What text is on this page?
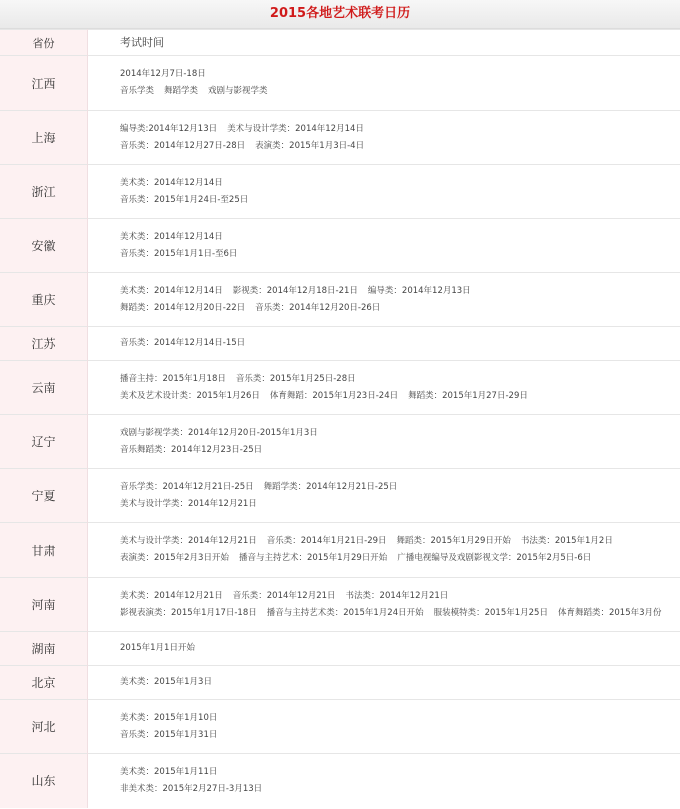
2015各地艺术联考日历
省份	考试时间
江西	2014年12月7日-18日
音乐学类 舞蹈学类 戏剧与影视学类

上海	编导类:2014年12月13日 美术与设计学类：2014年12月14日
音乐类：2014年12月27日-28日 表演类：2015年1月3日-4日

浙江	美术类：2014年12月14日
音乐类：2015年1月24日-至25日

安徽	美术类：2014年12月14日
音乐类：2015年1月1日-至6日

重庆	美术类：2014年12月14日 影视类：2014年12月18日-21日 编导类：2014年12月13日
舞蹈类：2014年12月20日-22日 音乐类：2014年12月20日-26日

江苏	音乐类：2014年12月14日-15日

云南	播音主持：2015年1月18日 音乐类：2015年1月25日-28日
美术及艺术设计类：2015年1月26日 体育舞蹈：2015年1月23日-24日 舞蹈类：2015年1月27日-29日

辽宁	戏剧与影视学类：2014年12月20日-2015年1月3日
音乐舞蹈类：2014年12月23日-25日

宁夏	音乐学类：2014年12月21日-25日 舞蹈学类：2014年12月21日-25日
美术与设计学类：2014年12月21日

甘肃	美术与设计学类：2014年12月21日 音乐类：2014年1月21日-29日 舞蹈类：2015年1月29日开始 书法类：2015年1月2日
表演类：2015年2月3日开始 播音与主持艺术：2015年1月29日开始 广播电视编导及戏剧影视文学：2015年2月5日-6日

河南	美术类：2014年12月21日 音乐类：2014年12月21日 书法类：2014年12月21日
影视表演类：2015年1月17日-18日 播音与主持艺术类：2015年1月24日开始 服装模特类：2015年1月25日 体育舞蹈类：2015年3月份

湖南	2015年1月1日开始

北京	美术类：2015年1月3日

河北	美术类：2015年1月10日
音乐类：2015年1月31日

山东	美术类：2015年1月11日
非美术类：2015年2月27日-3月13日
